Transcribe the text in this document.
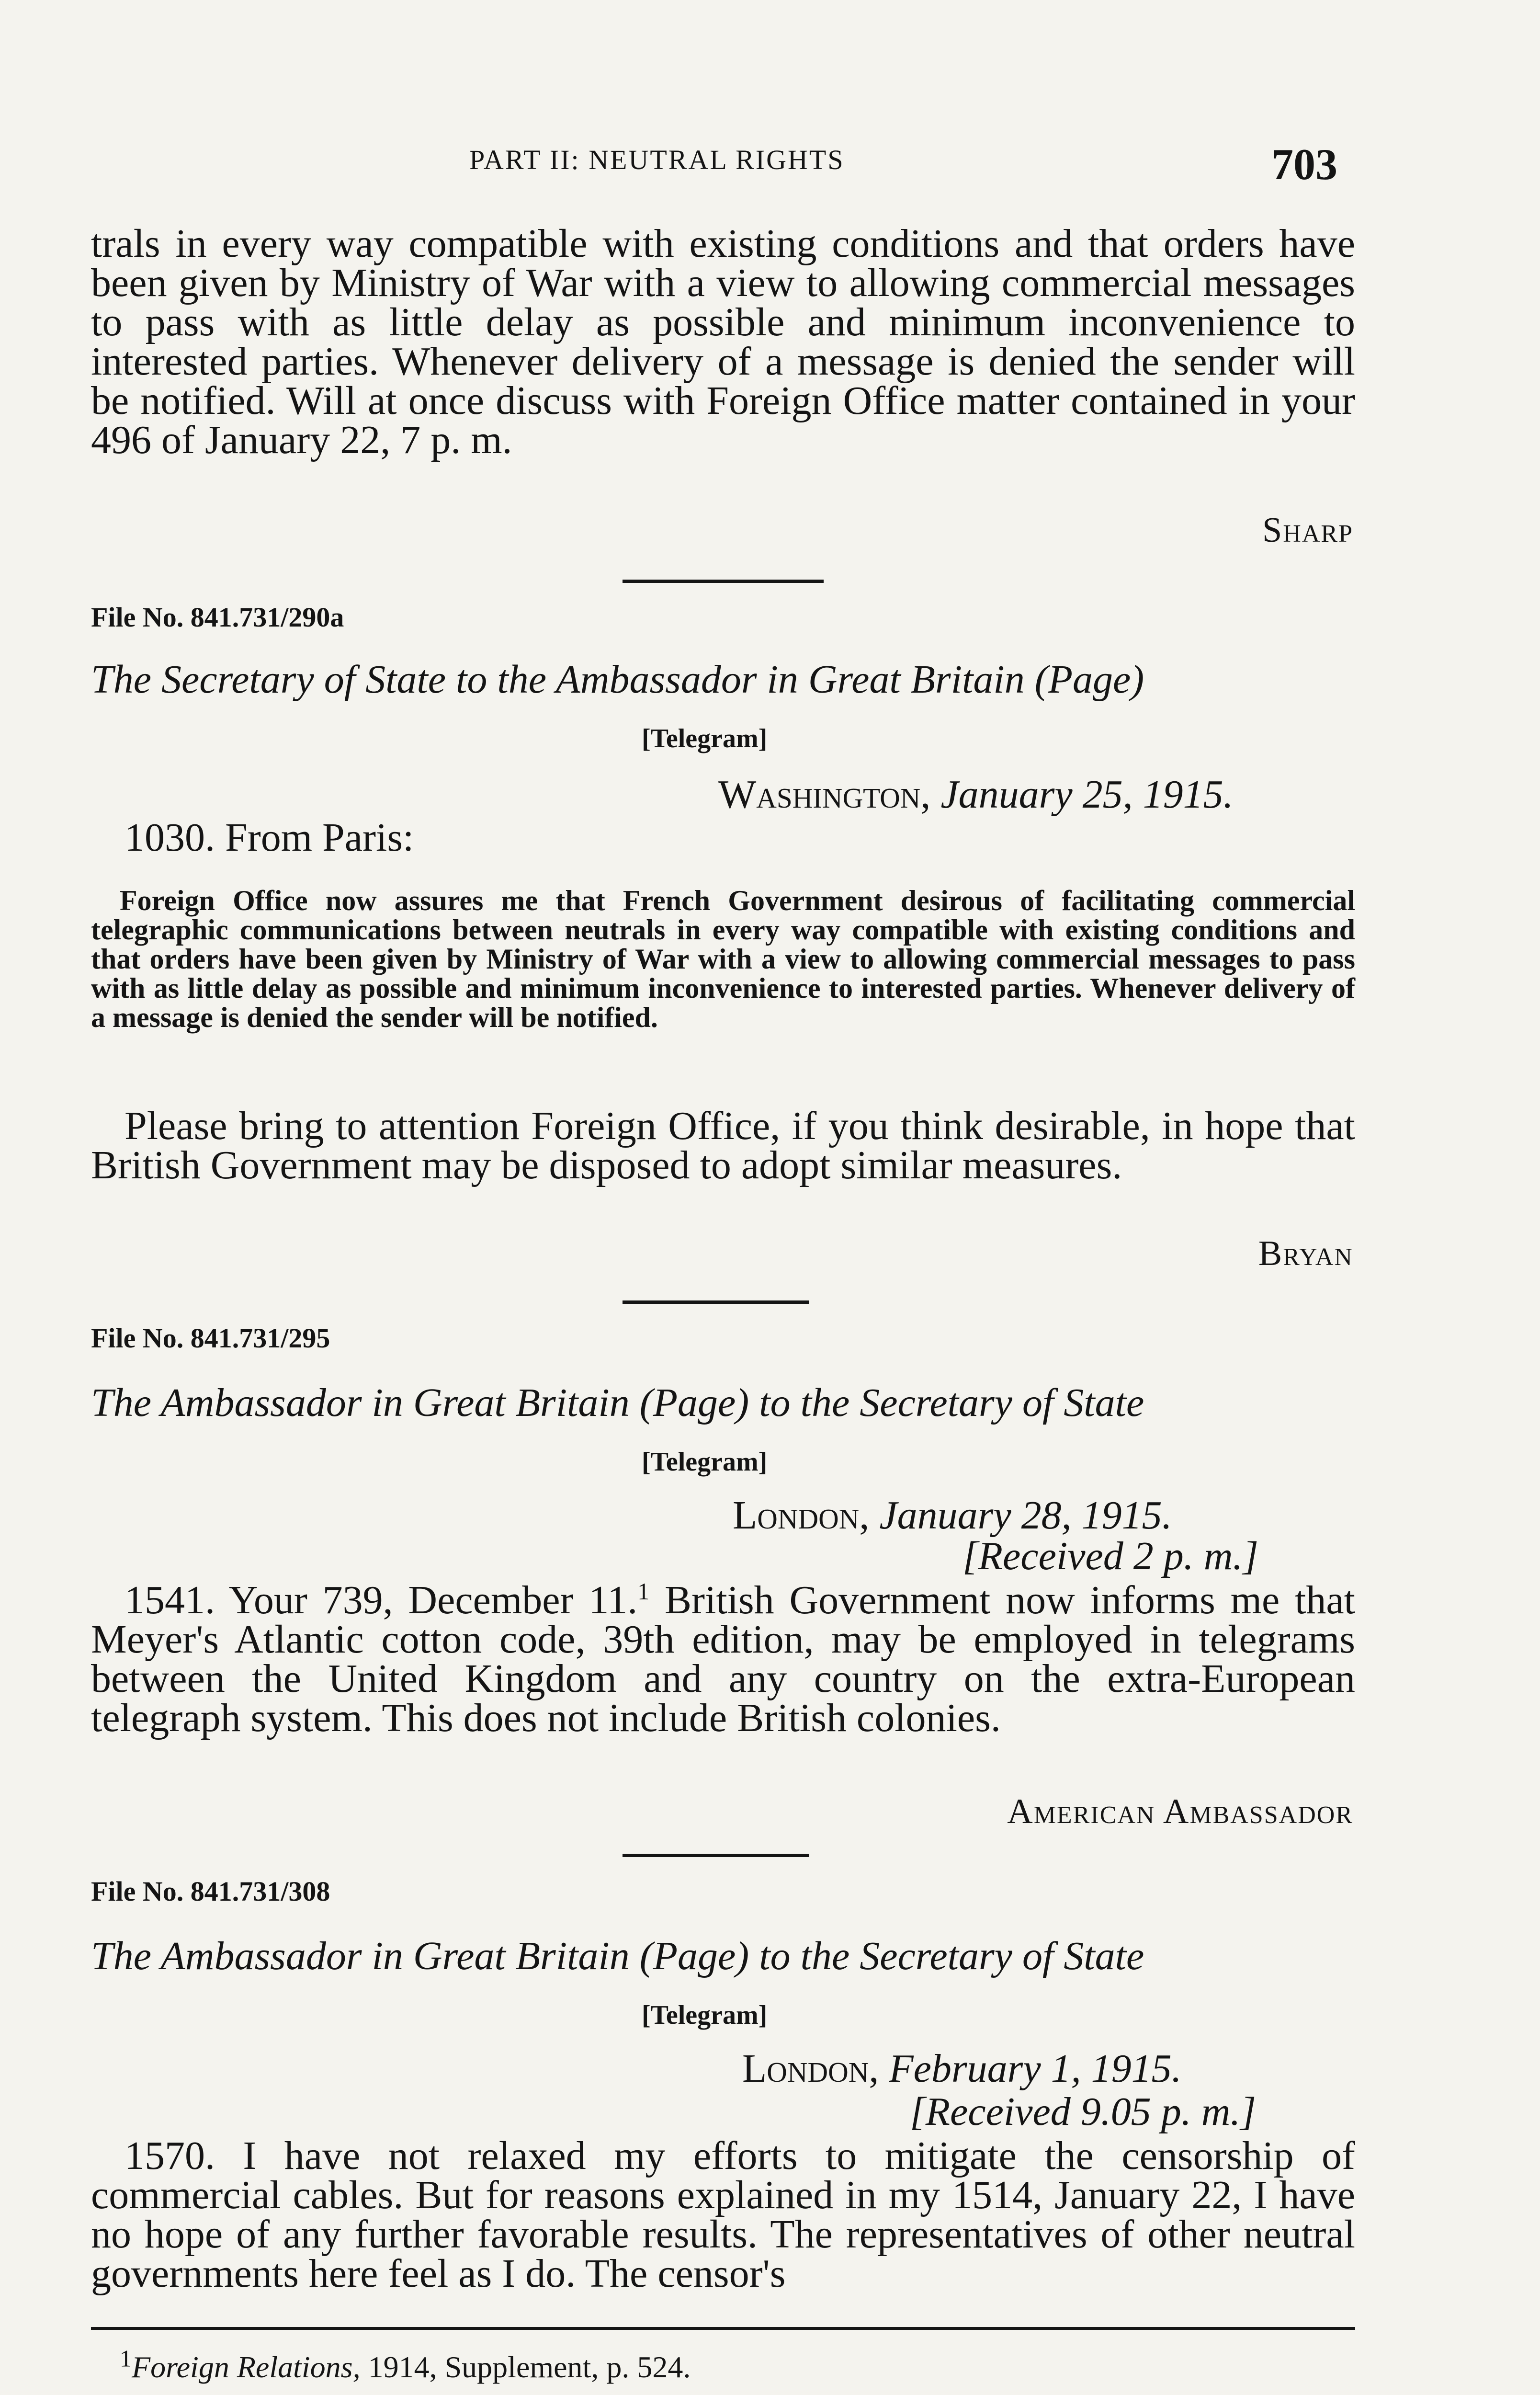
PART II: NEUTRAL RIGHTS	703

trals in every way compatible with existing conditions and that orders have been given by Ministry of War with a view to allowing commercial messages to pass with as little delay as possible and minimum inconvenience to interested parties. Whenever delivery of a message is denied the sender will be notified. Will at once discuss with Foreign Office matter contained in your 496 of January 22, 7 p. m.

Sharp
File No. 841.731/290a
The Secretary of State to the Ambassador in Great Britain (Page)
[Telegram]
Washington, January 25, 1915.
1030. From Paris:

Foreign Office now assures me that French Government desirous of facilitating commercial telegraphic communications between neutrals in every way compatible with existing conditions and that orders have been given by Ministry of War with a view to allowing commercial messages to pass with as little delay as possible and minimum inconvenience to interested parties. Whenever delivery of a message is denied the sender will be notified.

Please bring to attention Foreign Office, if you think desirable, in hope that British Government may be disposed to adopt similar measures.

Bryan
File No. 841.731/295
The Ambassador in Great Britain (Page) to the Secretary of State
[Telegram]
London, January 28, 1915.
[Received 2 p. m.]

1541. Your 739, December 11.$^1$ British Government now informs me that Meyer's Atlantic cotton code, 39th edition, may be employed in telegrams between the United Kingdom and any country on the extra-European telegraph system. This does not include British colonies.

American Ambassador
File No. 841.731/308
The Ambassador in Great Britain (Page) to the Secretary of State
[Telegram]
London, February 1, 1915.
[Received 9.05 p. m.]

1570. I have not relaxed my efforts to mitigate the censorship of commercial cables. But for reasons explained in my 1514, January 22, I have no hope of any further favorable results. The representatives of other neutral governments here feel as I do. The censor's

$^1$Foreign Relations, 1914, Supplement, p. 524.
